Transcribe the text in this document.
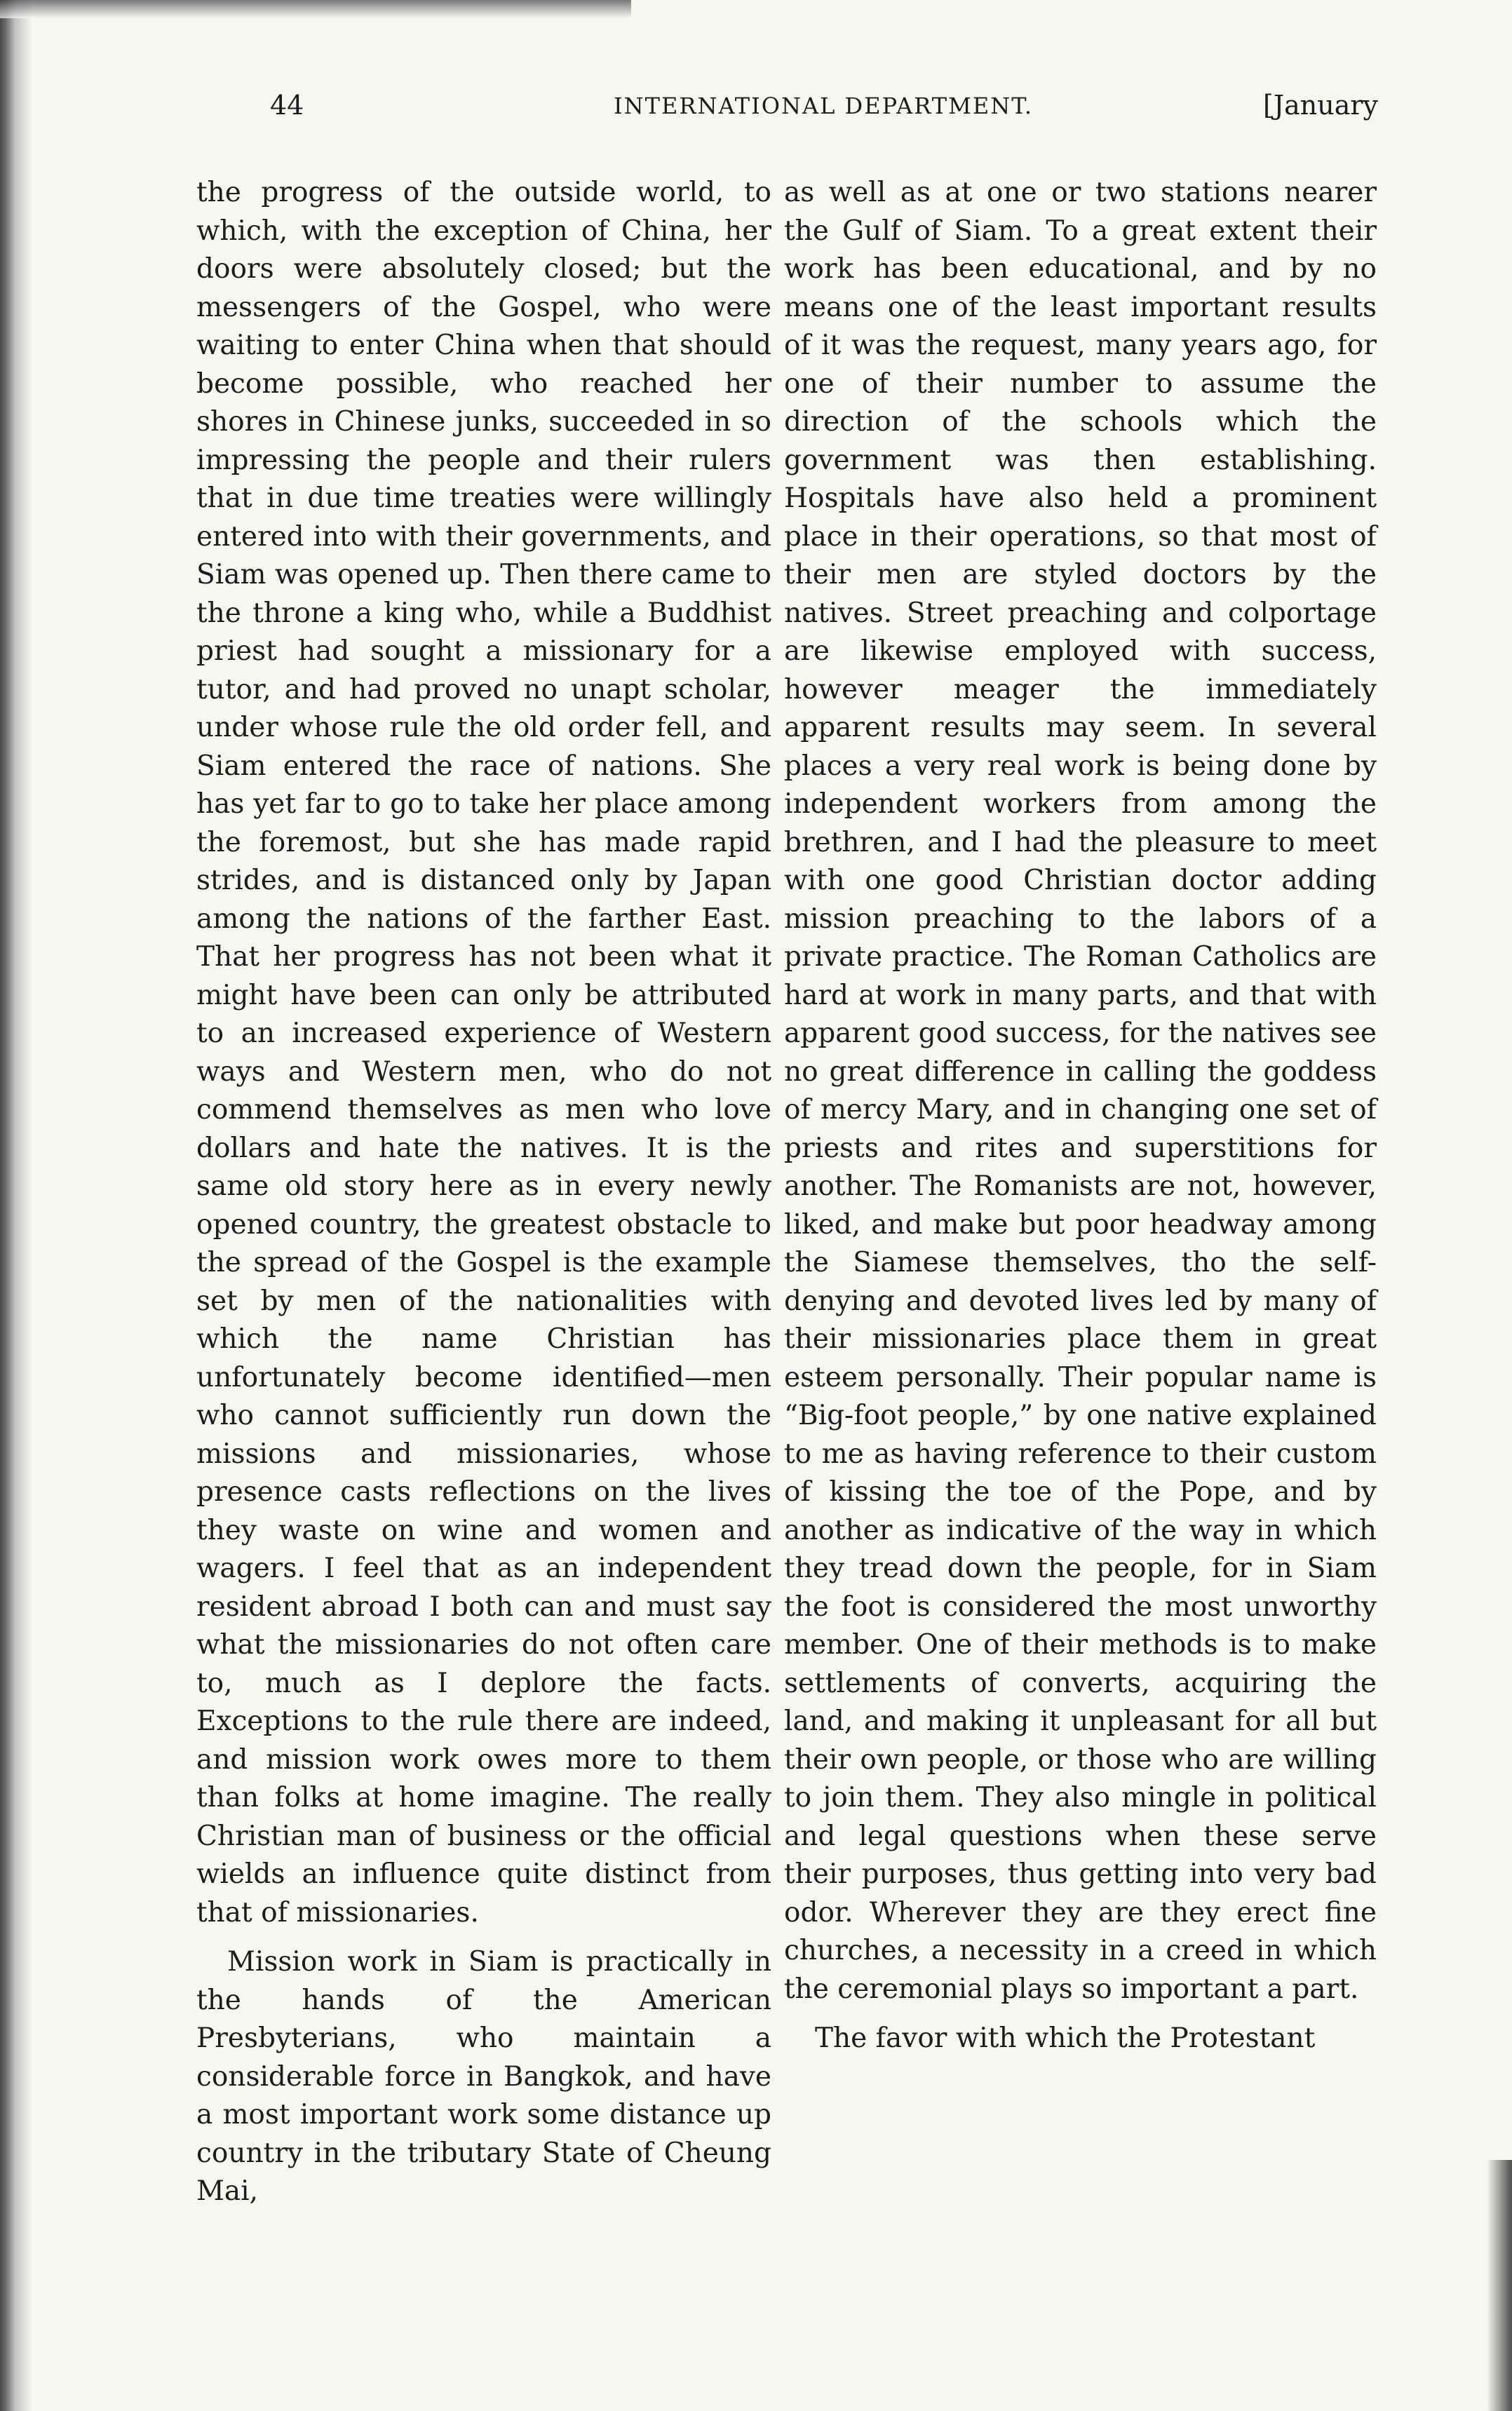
44	INTERNATIONAL DEPARTMENT.	[January

the progress of the outside world, to which, with the exception of China, her doors were absolutely closed; but the messengers of the Gospel, who were waiting to enter China when that should become possible, who reached her shores in Chinese junks, succeeded in so impressing the people and their rulers that in due time treaties were willingly entered into with their governments, and Siam was opened up. Then there came to the throne a king who, while a Buddhist priest had sought a missionary for a tutor, and had proved no unapt scholar, under whose rule the old order fell, and Siam entered the race of nations. She has yet far to go to take her place among the foremost, but she has made rapid strides, and is distanced only by Japan among the nations of the farther East. That her progress has not been what it might have been can only be attributed to an increased experience of Western ways and Western men, who do not commend themselves as men who love dollars and hate the natives. It is the same old story here as in every newly opened country, the greatest obstacle to the spread of the Gospel is the example set by men of the nationalities with which the name Christian has unfortunately become identified—men who cannot sufficiently run down the missions and missionaries, whose presence casts reflections on the lives they waste on wine and women and wagers. I feel that as an independent resident abroad I both can and must say what the missionaries do not often care to, much as I deplore the facts. Exceptions to the rule there are indeed, and mission work owes more to them than folks at home imagine. The really Christian man of business or the official wields an influence quite distinct from that of missionaries.

Mission work in Siam is practically in the hands of the American Presbyterians, who maintain a considerable force in Bangkok, and have a most important work some distance up country in the tributary State of Cheung Mai,

as well as at one or two stations nearer the Gulf of Siam. To a great extent their work has been educational, and by no means one of the least important results of it was the request, many years ago, for one of their number to assume the direction of the schools which the government was then establishing. Hospitals have also held a prominent place in their operations, so that most of their men are styled doctors by the natives. Street preaching and colportage are likewise employed with success, however meager the immediately apparent results may seem. In several places a very real work is being done by independent workers from among the brethren, and I had the pleasure to meet with one good Christian doctor adding mission preaching to the labors of a private practice. The Roman Catholics are hard at work in many parts, and that with apparent good success, for the natives see no great difference in calling the goddess of mercy Mary, and in changing one set of priests and rites and superstitions for another. The Romanists are not, however, liked, and make but poor headway among the Siamese themselves, tho the self-denying and devoted lives led by many of their missionaries place them in great esteem personally. Their popular name is “Big-foot people,” by one native explained to me as having reference to their custom of kissing the toe of the Pope, and by another as indicative of the way in which they tread down the people, for in Siam the foot is considered the most unworthy member. One of their methods is to make settlements of converts, acquiring the land, and making it unpleasant for all but their own people, or those who are willing to join them. They also mingle in political and legal questions when these serve their purposes, thus getting into very bad odor. Wherever they are they erect fine churches, a necessity in a creed in which the ceremonial plays so important a part.

The favor with which the Protestant
